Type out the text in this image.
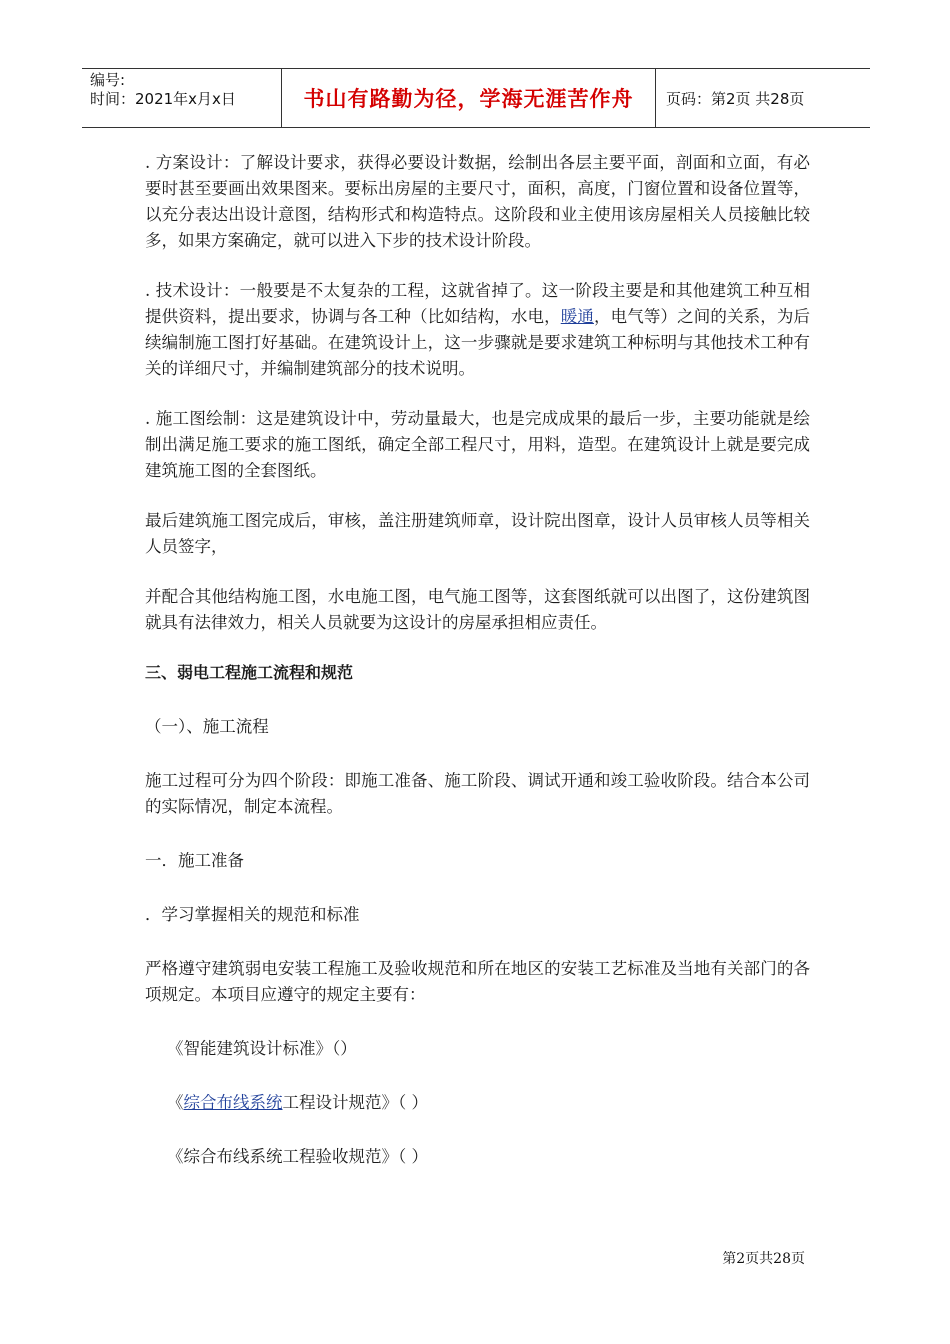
编号:
时间：2021年x月x日	书山有路勤为径，学海无涯苦作舟	页码：第2页 共28页

. 方案设计：了解设计要求，获得必要设计数据，绘制出各层主要平面，剖面和立面，有必要时甚至要画出效果图来。要标出房屋的主要尺寸，面积，高度，门窗位置和设备位置等，以充分表达出设计意图，结构形式和构造特点。这阶段和业主使用该房屋相关人员接触比较多，如果方案确定，就可以进入下步的技术设计阶段。

. 技术设计：一般要是不太复杂的工程，这就省掉了。这一阶段主要是和其他建筑工种互相提供资料，提出要求，协调与各工种（比如结构，水电，暖通，电气等）之间的关系，为后续编制施工图打好基础。在建筑设计上，这一步骤就是要求建筑工种标明与其他技术工种有关的详细尺寸，并编制建筑部分的技术说明。

. 施工图绘制：这是建筑设计中，劳动量最大，也是完成成果的最后一步，主要功能就是绘制出满足施工要求的施工图纸，确定全部工程尺寸，用料，造型。在建筑设计上就是要完成建筑施工图的全套图纸。

最后建筑施工图完成后，审核，盖注册建筑师章，设计院出图章，设计人员审核人员等相关人员签字，

并配合其他结构施工图，水电施工图，电气施工图等，这套图纸就可以出图了，这份建筑图就具有法律效力，相关人员就要为这设计的房屋承担相应责任。

三、弱电工程施工流程和规范

（一）、施工流程

施工过程可分为四个阶段：即施工准备、施工阶段、调试开通和竣工验收阶段。结合本公司的实际情况，制定本流程。

一．施工准备

．学习掌握相关的规范和标准

严格遵守建筑弱电安装工程施工及验收规范和所在地区的安装工艺标准及当地有关部门的各项规定。本项目应遵守的规定主要有：

《智能建筑设计标准》（）

《综合布线系统工程设计规范》（ ）

《综合布线系统工程验收规范》（ ）

第2页共28页
